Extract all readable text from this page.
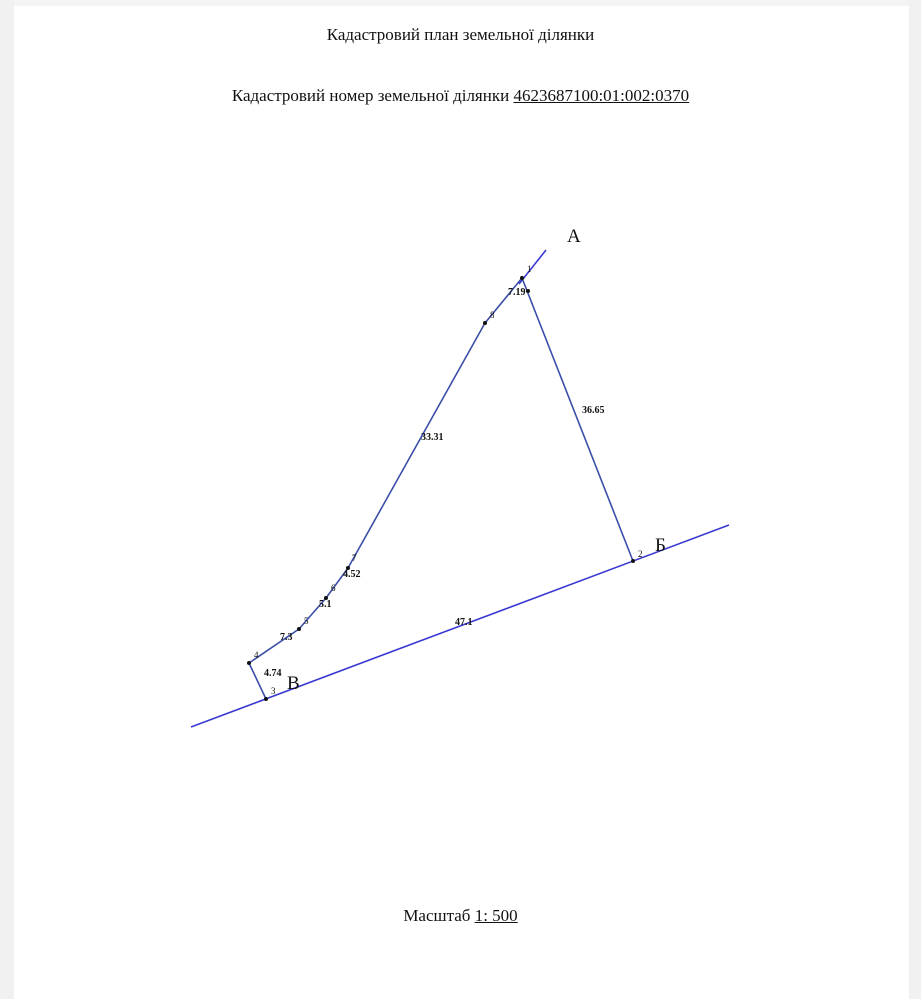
Кадастровий план земельної ділянки
Кадастровий номер земельної ділянки 4623687100:01:002:0370
1
2
3
4
5
6
7
8
36.65
47.1
4.74
7.3
5.1
4.52
33.31
7.19
А
Б
В
Масштаб 1: 500
